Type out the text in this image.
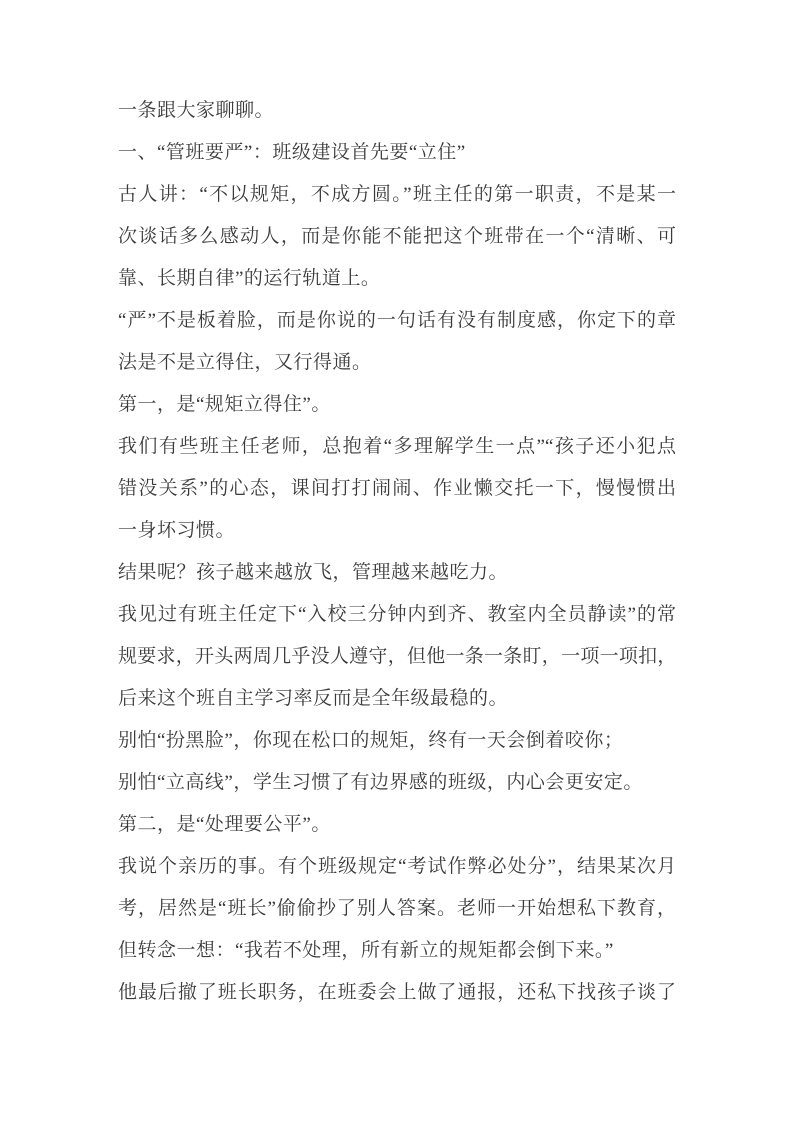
一条跟大家聊聊。
一、“管班要严”：班级建设首先要“立住”
古人讲：“不以规矩，不成方圆。”班主任的第一职责，不是某一
次谈话多么感动人，而是你能不能把这个班带在一个“清晰、可
靠、长期自律”的运行轨道上。
“严”不是板着脸，而是你说的一句话有没有制度感，你定下的章
法是不是立得住，又行得通。
第一，是“规矩立得住”。
我们有些班主任老师，总抱着“多理解学生一点”“孩子还小犯点
错没关系”的心态，课间打打闹闹、作业懒交托一下，慢慢惯出
一身坏习惯。
结果呢？孩子越来越放飞，管理越来越吃力。
我见过有班主任定下“入校三分钟内到齐、教室内全员静读”的常
规要求，开头两周几乎没人遵守，但他一条一条盯，一项一项扣，
后来这个班自主学习率反而是全年级最稳的。
别怕“扮黑脸”，你现在松口的规矩，终有一天会倒着咬你；
别怕“立高线”，学生习惯了有边界感的班级，内心会更安定。
第二，是“处理要公平”。
我说个亲历的事。有个班级规定“考试作弊必处分”，结果某次月
考，居然是“班长”偷偷抄了别人答案。老师一开始想私下教育，
但转念一想：“我若不处理，所有新立的规矩都会倒下来。”
他最后撤了班长职务，在班委会上做了通报，还私下找孩子谈了
